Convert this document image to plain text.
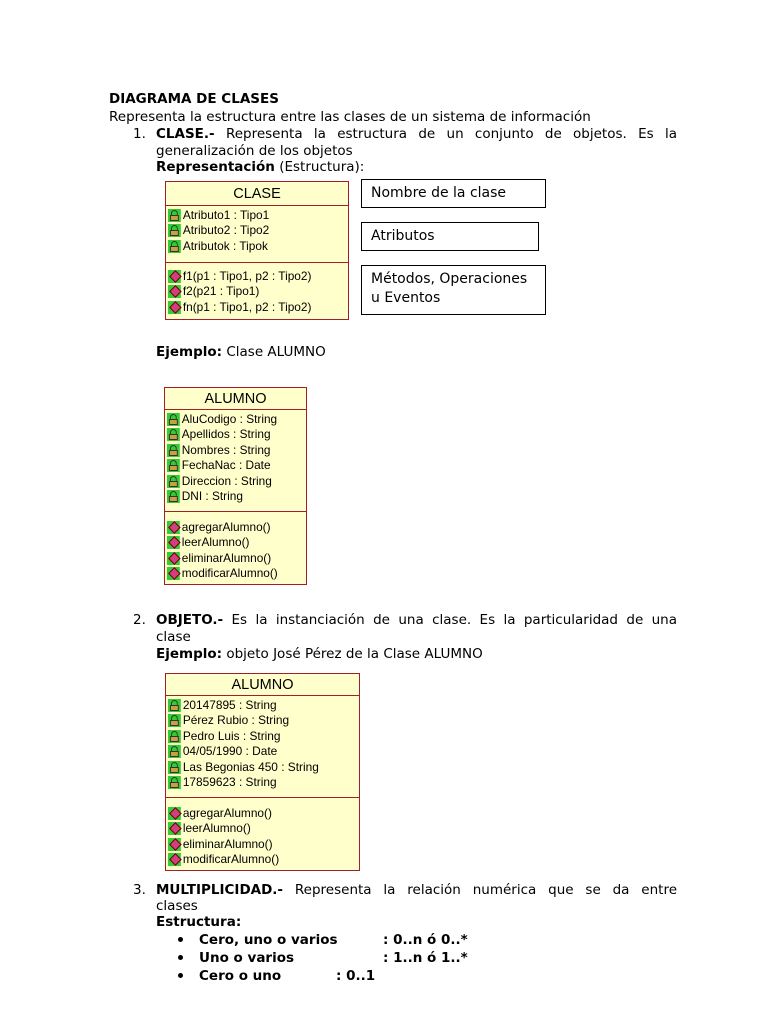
DIAGRAMA DE CLASES
Representa la estructura entre las clases de un sistema de información
1. CLASE.- Representa la estructura de un conjunto de objetos. Es la
generalización de los objetos
Representación (Estructura):
CLASE
Atributo1 : Tipo1
Atributo2 : Tipo2
Atributok : Tipok
f1(p1 : Tipo1, p2 : Tipo2)
f2(p21 : Tipo1)
fn(p1 : Tipo1, p2 : Tipo2)
Nombre de la clase
Atributos
Métodos, Operaciones
u Eventos
Ejemplo: Clase ALUMNO
ALUMNO
AluCodigo : String
Apellidos : String
Nombres : String
FechaNac : Date
Direccion : String
DNI : String
agregarAlumno()
leerAlumno()
eliminarAlumno()
modificarAlumno()
2. OBJETO.- Es la instanciación de una clase. Es la particularidad de una
clase
Ejemplo: objeto José Pérez de la Clase ALUMNO
ALUMNO
20147895 : String
Pérez Rubio : String
Pedro Luis : String
04/05/1990 : Date
Las Begonias 450 : String
17859623 : String
agregarAlumno()
leerAlumno()
eliminarAlumno()
modificarAlumno()
3. MULTIPLICIDAD.- Representa la relación numérica que se da entre
clases
Estructura:
Cero, uno o varios	: 0..n ó 0..*
Uno o varios	: 1..n ó 1..*
Cero o uno	: 0..1
